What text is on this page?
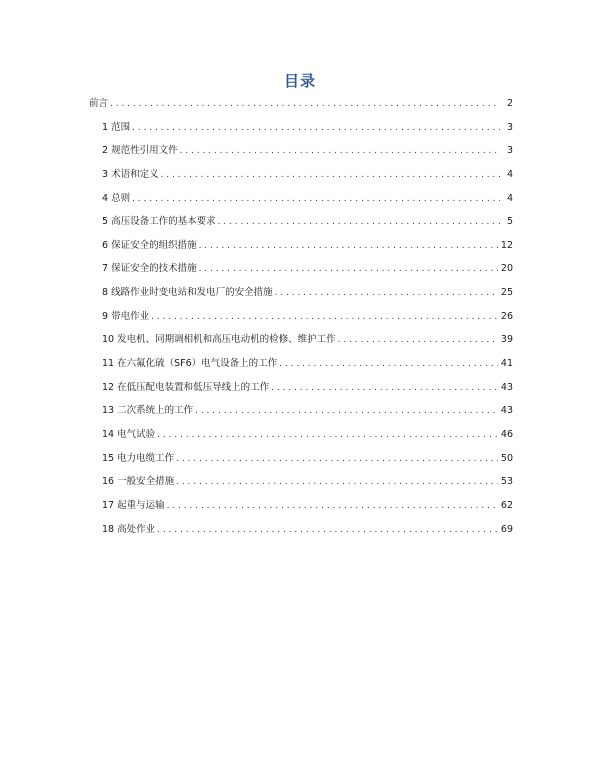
目录
前言 . . .	2
1 范围 . . .	3
2 规范性引用文件 . . .	3
3 术语和定义 . . .	4
4 总则 . . .	4
5 高压设备工作的基本要求 . . .	5
6 保证安全的组织措施 . . .	12
7 保证安全的技术措施 . . .	20
8 线路作业时变电站和发电厂的安全措施 . . .	25
9 带电作业 . . .	26
10 发电机、同期调相机和高压电动机的检修、维护工作 . . .	39
11 在六氟化硫（SF6）电气设备上的工作 . . .	41
12 在低压配电装置和低压导线上的工作 . . .	43
13 二次系统上的工作 . . .	43
14 电气试验 . . .	46
15 电力电缆工作 . . .	50
16 一般安全措施 . . .	53
17 起重与运输 . . .	62
18 高处作业 . . .	69
